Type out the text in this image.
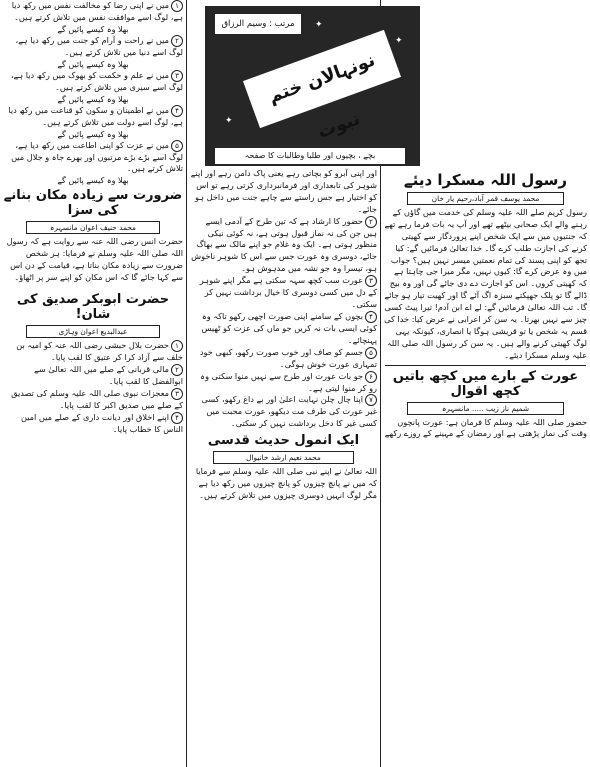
۱میں نے اپنی رضا کو مخالفت نفس میں رکھ دیا ہے، لوگ اسے موافقت نفس میں تلاش کرتے ہیں۔
بھلا وہ کیسے پائیں گے
۲میں نے راحت و آرام کو جنت میں رکھ دیا ہے، لوگ اسے دنیا میں تلاش کرتے ہیں۔
بھلا وہ کیسے پائیں گے
۳میں نے علم و حکمت کو بھوک میں رکھ دیا ہے، لوگ اسے سیری میں تلاش کرتے ہیں۔
بھلا وہ کیسے پائیں گے
۴میں نے اطمینان و سکون کو قناعت میں رکھ دیا ہے، لوگ اسے دولت میں تلاش کرتے ہیں۔
بھلا وہ کیسے پائیں گے
۵میں نے عزت کو اپنی اطاعت میں رکھ دیا ہے، لوگ اسے بڑے بڑے مرتبوں اور بھرے جاہ و جلال میں تلاش کرتے ہیں۔
بھلا وہ کیسے پائیں گے
ضرورت سے زیادہ مکان بنانے کی سزا
محمد حنیف اعوان مانسہرہ
حضرت انس رضی اللہ عنہ سے روایت ہے کہ رسول اللہ صلی اللہ علیہ وسلم نے فرمایا: ہر شخص ضرورت سے زیادہ مکان بناتا ہے، قیامت کے دن اس سے کہا جائے گا کہ اس مکان کو اپنے سر پر اٹھاؤ۔
حضرت ابوبکر صدیق کی شان!
عبدالبدیع اعوان وہاڑی
۱حضرت بلال حبشی رضی اللہ عنہ کو امیہ بن خلف سے آزاد کرا کر عتیق کا لقب پایا۔
۲مالی قربانی کے صلے میں اللہ تعالیٰ سے ابوالفضل کا لقب پایا۔
۳معجزات نبوی صلی اللہ علیہ وسلم کی تصدیق کے صلے میں صدیق اکبر کا لقب پایا۔
۴اپنے اخلاق اور دیانت داری کے صلے میں امین الناس کا خطاب پایا۔
اور اپنی آبرو کو بچاتی رہے یعنی پاک دامن رہے اور اپنے شوہر کی تابعداری اور فرمانبرداری کرتی رہے تو اس کو اختیار ہے جس راستے سے چاہے جنت میں داخل ہو جائے۔
۲حضور کا ارشاد ہے کہ تین طرح کے آدمی ایسے ہیں جن کی نہ نماز قبول ہوتی ہے، نہ کوئی نیکی منظور ہوتی ہے۔ ایک وہ غلام جو اپنے مالک سے بھاگ جائے، دوسری وہ عورت جس سے اس کا شوہر ناخوش ہو، تیسرا وہ جو نشہ میں مدہوش ہو۔
۳عورت سب کچھ سہہ سکتی ہے مگر اپنے شوہر کے دل میں کسی دوسری کا خیال برداشت نہیں کر سکتی۔
۴بچوں کے سامنے اپنی صورت اچھی رکھو تاکہ وہ کوئی ایسی بات نہ کریں جو ماں کی عزت کو ٹھیس پہنچائے۔
۵جسم کو صاف اور خوب صورت رکھو، کبھی خود تمہاری عورت خوش ہوگی۔
۶جو بات عورت اور طرح سے نہیں منوا سکتی وہ رو کر منوا لیتی ہے۔
۷اپنا چال چلن نہایت اعلیٰ اور بے داغ رکھو، کسی غیر عورت کی طرف مت دیکھو، عورت محبت میں کسی غیر کا دخل برداشت نہیں کر سکتی۔
ایک انمول حدیث قدسی
محمد نعیم ارشد خانیوال
اللہ تعالیٰ نے اپنے نبی صلی اللہ علیہ وسلم سے فرمایا کہ میں نے پانچ چیزوں کو پانچ چیزوں میں رکھ دیا ہے مگر لوگ انہیں دوسری چیزوں میں تلاش کرتے ہیں۔
رسول اللہ مسکرا دیئے
محمد یوسف قمر آباد،رحیم یار خان
رسول کریم صلے اللہ علیہ وسلم کی خدمت میں گاؤں کے رہنے والے ایک صحابی بیٹھے تھے اور آپ یہ بات فرما رہے تھے کہ جنتیوں میں سے ایک شخص اپنے پروردگار سے کھیتی کرنے کی اجازت طلب کرے گا۔ خدا تعالیٰ فرمائیں گے: کیا تجھ کو اپنی پسند کی تمام نعمتیں میسر نہیں ہیں؟ جواب میں وہ عرض کرے گا: کیوں نہیں، مگر میرا جی چاہتا ہے کہ کھیتی کروں۔ اس کو اجازت دے دی جائے گی اور وہ بیج ڈالے گا تو پلک جھپکتے سبزہ اگ آئے گا اور کھیت تیار ہو جائے گا۔ تب اللہ تعالیٰ فرمائیں گے: لے اے ابن آدم! تیرا پیٹ کسی چیز سے نہیں بھرتا۔ یہ سن کر اعرابی نے عرض کیا: خدا کی قسم یہ شخص یا تو قریشی ہوگا یا انصاری، کیونکہ یہی لوگ کھیتی کرنے والے ہیں۔ یہ سن کر رسول اللہ صلی اللہ علیہ وسلم مسکرا دیئے۔
عورت کے بارے میں کچھ باتیں کچھ اقوال
شمیم ناز زیب ..... مانسہرہ
حضور صلی اللہ علیہ وسلم کا فرمان ہے: عورت پانچوں وقت کی نماز پڑھتی ہے اور رمضان کے مہینے کے روزے رکھے
✦
✦
✦
مرتب : وسیم الرزاق
نونہالان ختم نبوت
بچے ، بچیوں اور طلبا وطالبات کا صفحہ
